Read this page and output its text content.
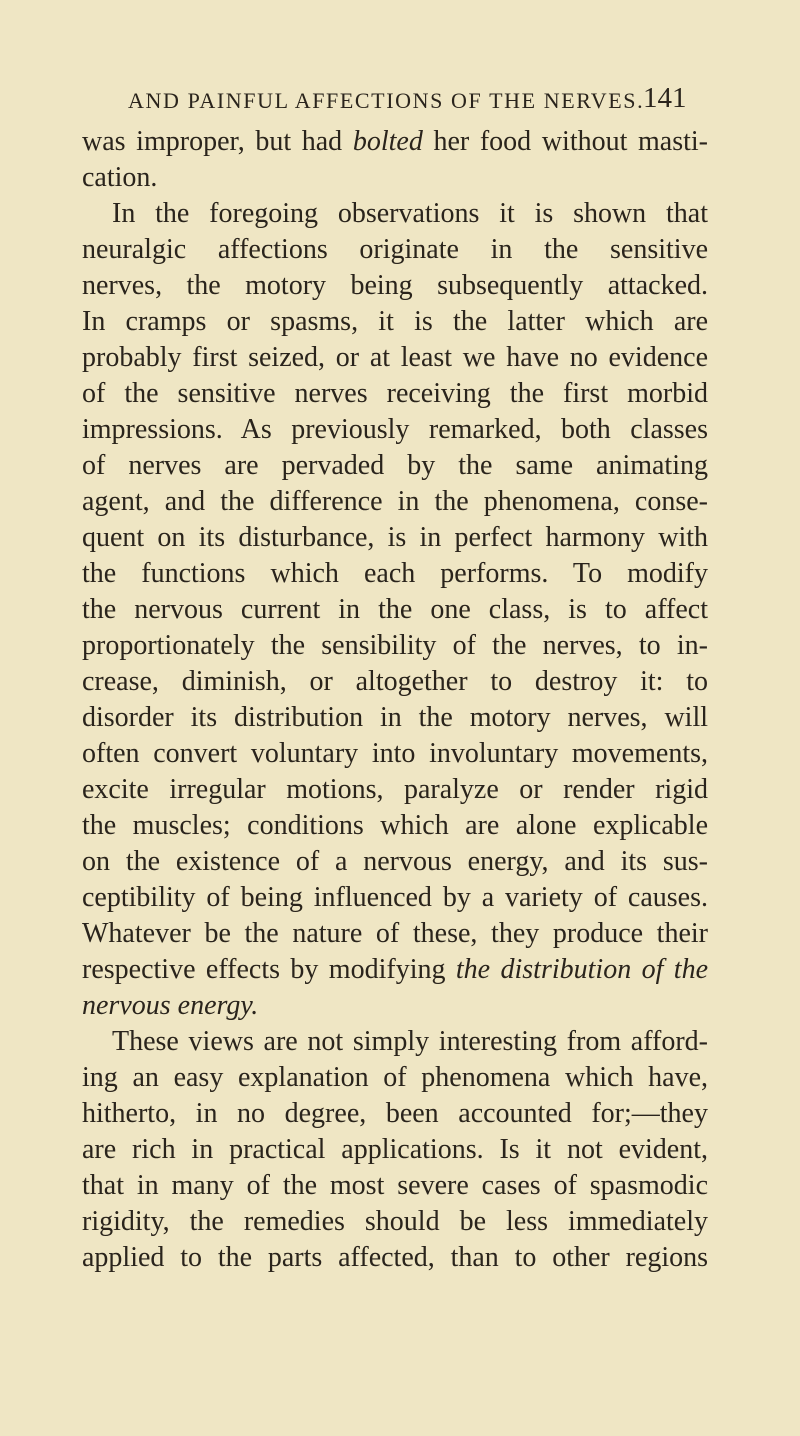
AND PAINFUL AFFECTIONS OF THE NERVES.
141
was improper, but had bolted her food without masti-
cation.
In the foregoing observations it is shown that
neuralgic affections originate in the sensitive
nerves, the motory being subsequently attacked.
In cramps or spasms, it is the latter which are
probably first seized, or at least we have no evidence
of the sensitive nerves receiving the first morbid
impressions. As previously remarked, both classes
of nerves are pervaded by the same animating
agent, and the difference in the phenomena, conse-
quent on its disturbance, is in perfect harmony with
the functions which each performs. To modify
the nervous current in the one class, is to affect
proportionately the sensibility of the nerves, to in-
crease, diminish, or altogether to destroy it: to
disorder its distribution in the motory nerves, will
often convert voluntary into involuntary movements,
excite irregular motions, paralyze or render rigid
the muscles; conditions which are alone explicable
on the existence of a nervous energy, and its sus-
ceptibility of being influenced by a variety of causes.
Whatever be the nature of these, they produce their
respective effects by modifying the distribution of the
nervous energy.
These views are not simply interesting from afford-
ing an easy explanation of phenomena which have,
hitherto, in no degree, been accounted for;—they
are rich in practical applications. Is it not evident,
that in many of the most severe cases of spasmodic
rigidity, the remedies should be less immediately
applied to the parts affected, than to other regions
